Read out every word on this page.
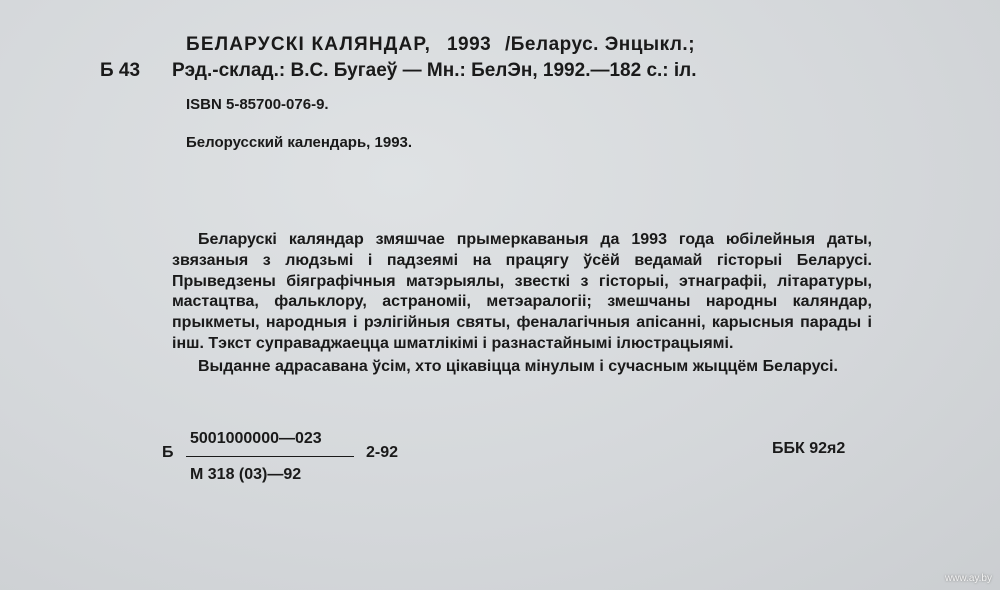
БЕЛАРУСКІ КАЛЯНДАР, 1993 /Беларус. Энцыкл.;
Б 43 Рэд.-склад.: В.С. Бугаеў — Мн.: БелЭн, 1992.—182 с.: іл.
ISBN 5-85700-076-9.
Белорусский календарь, 1993.

Беларускі каляндар змяшчае прымеркаваныя да 1993 года юбілейныя даты, звязаныя з людзьмі і падзеямі на працягу ўсёй ведамай гісторыі Беларусі. Прыведзены біяграфічныя матэрыялы, звесткі з гісторыі, этнаграфіі, літаратуры, мастацтва, фальклору, астраноміі, метэаралогіі; змешчаны народны каляндар, прыкметы, народныя і рэлігійныя святы, феналагічныя апісанні, карысныя парады і інш. Тэкст суправаджаецца шматлікімі і разнастайнымі ілюстрацыямі.

Выданне адрасавана ўсім, хто цікавіцца мінулым і сучасным жыццём Беларусі.

Б
5001000000—023
М 318 (03)—92
2-92	ББК 92я2
www.ay.by
